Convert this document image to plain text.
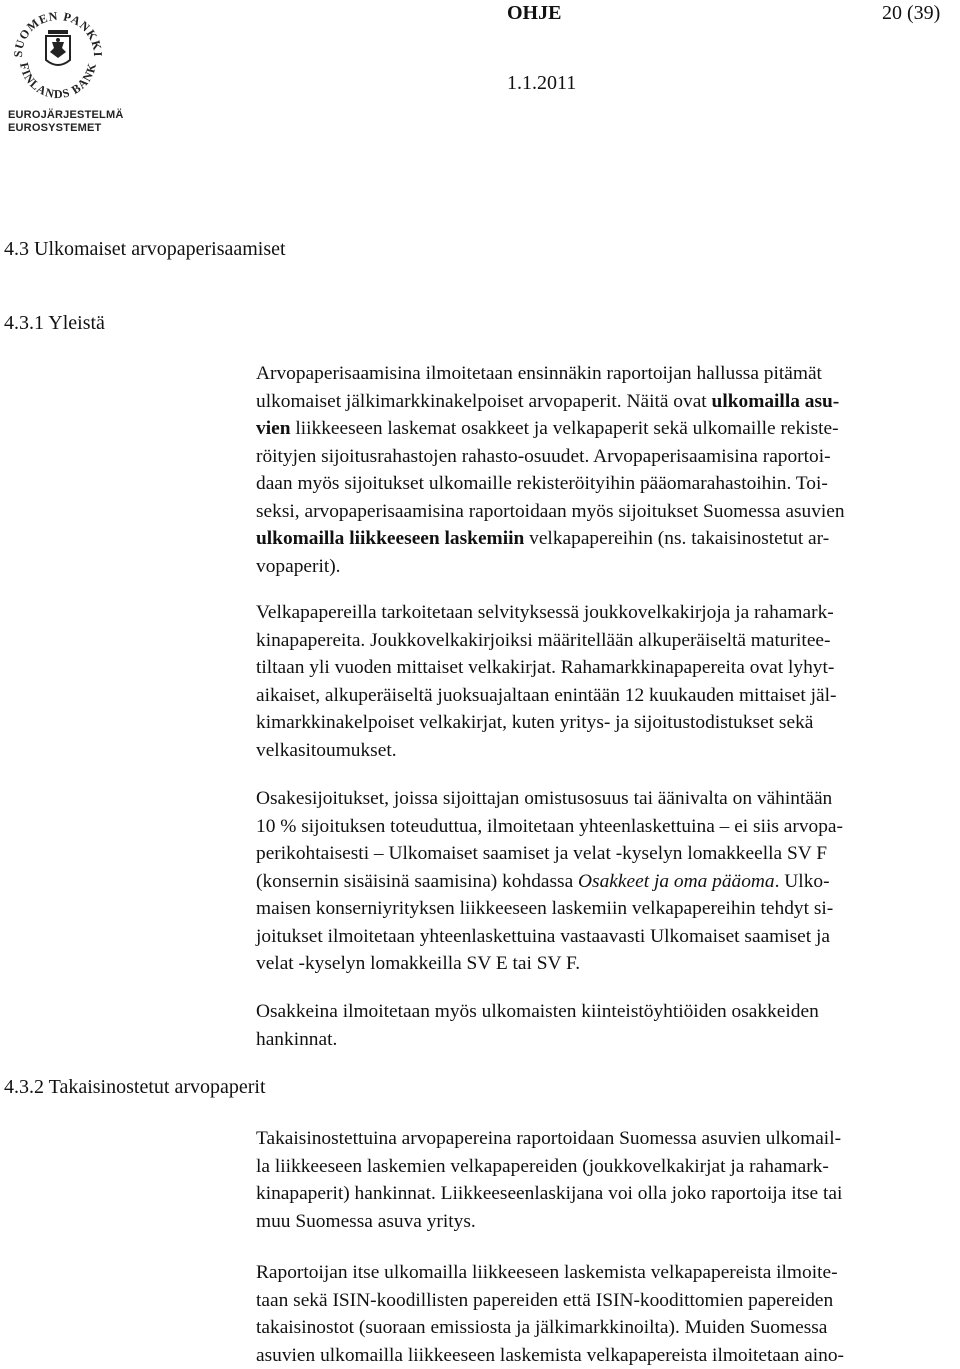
SUOMEN PANKKI
FINLANDS BANK
EUROJÄRJESTELMÄ
EUROSYSTEMET
OHJE	20 (39)
1.1.2011
4.3 Ulkomaiset arvopaperisaamiset
4.3.1 Yleistä
4.3.2 Takaisinostetut arvopaperit

Arvopaperisaamisina ilmoitetaan ensinnäkin raportoijan hallussa pitämät
ulkomaiset jälkimarkkinakelpoiset arvopaperit. Näitä ovat ulkomailla asu-
vien liikkeeseen laskemat osakkeet ja velkapaperit sekä ulkomaille rekiste-
röityjen sijoitusrahastojen rahasto-osuudet. Arvopaperisaamisina raportoi-
daan myös sijoitukset ulkomaille rekisteröityihin pääomarahastoihin. Toi-
seksi, arvopaperisaamisina raportoidaan myös sijoitukset Suomessa asuvien
ulkomailla liikkeeseen laskemiin velkapapereihin (ns. takaisinostetut ar-
vopaperit).

Velkapapereilla tarkoitetaan selvityksessä joukkovelkakirjoja ja rahamark-
kinapapereita. Joukkovelkakirjoiksi määritellään alkuperäiseltä maturitee-
tiltaan yli vuoden mittaiset velkakirjat. Rahamarkkinapapereita ovat lyhyt-
aikaiset, alkuperäiseltä juoksuajaltaan enintään 12 kuukauden mittaiset jäl-
kimarkkinakelpoiset velkakirjat, kuten yritys- ja sijoitustodistukset sekä
velkasitoumukset.

Osakesijoitukset, joissa sijoittajan omistusosuus tai äänivalta on vähintään
10 % sijoituksen toteuduttua, ilmoitetaan yhteenlaskettuina – ei siis arvopa-
perikohtaisesti – Ulkomaiset saamiset ja velat -kyselyn lomakkeella SV F
(konsernin sisäisinä saamisina) kohdassa Osakkeet ja oma pääoma. Ulko-
maisen konserniyrityksen liikkeeseen laskemiin velkapapereihin tehdyt si-
joitukset ilmoitetaan yhteenlaskettuina vastaavasti Ulkomaiset saamiset ja
velat -kyselyn lomakkeilla SV E tai SV F.

Osakkeina ilmoitetaan myös ulkomaisten kiinteistöyhtiöiden osakkeiden
hankinnat.

Takaisinostettuina arvopapereina raportoidaan Suomessa asuvien ulkomail-
la liikkeeseen laskemien velkapapereiden (joukkovelkakirjat ja rahamark-
kinapaperit) hankinnat. Liikkeeseenlaskijana voi olla joko raportoija itse tai
muu Suomessa asuva yritys.

Raportoijan itse ulkomailla liikkeeseen laskemista velkapapereista ilmoite-
taan sekä ISIN-koodillisten papereiden että ISIN-koodittomien papereiden
takaisinostot (suoraan emissiosta ja jälkimarkkinoilta). Muiden Suomessa
asuvien ulkomailla liikkeeseen laskemista velkapapereista ilmoitetaan aino-
